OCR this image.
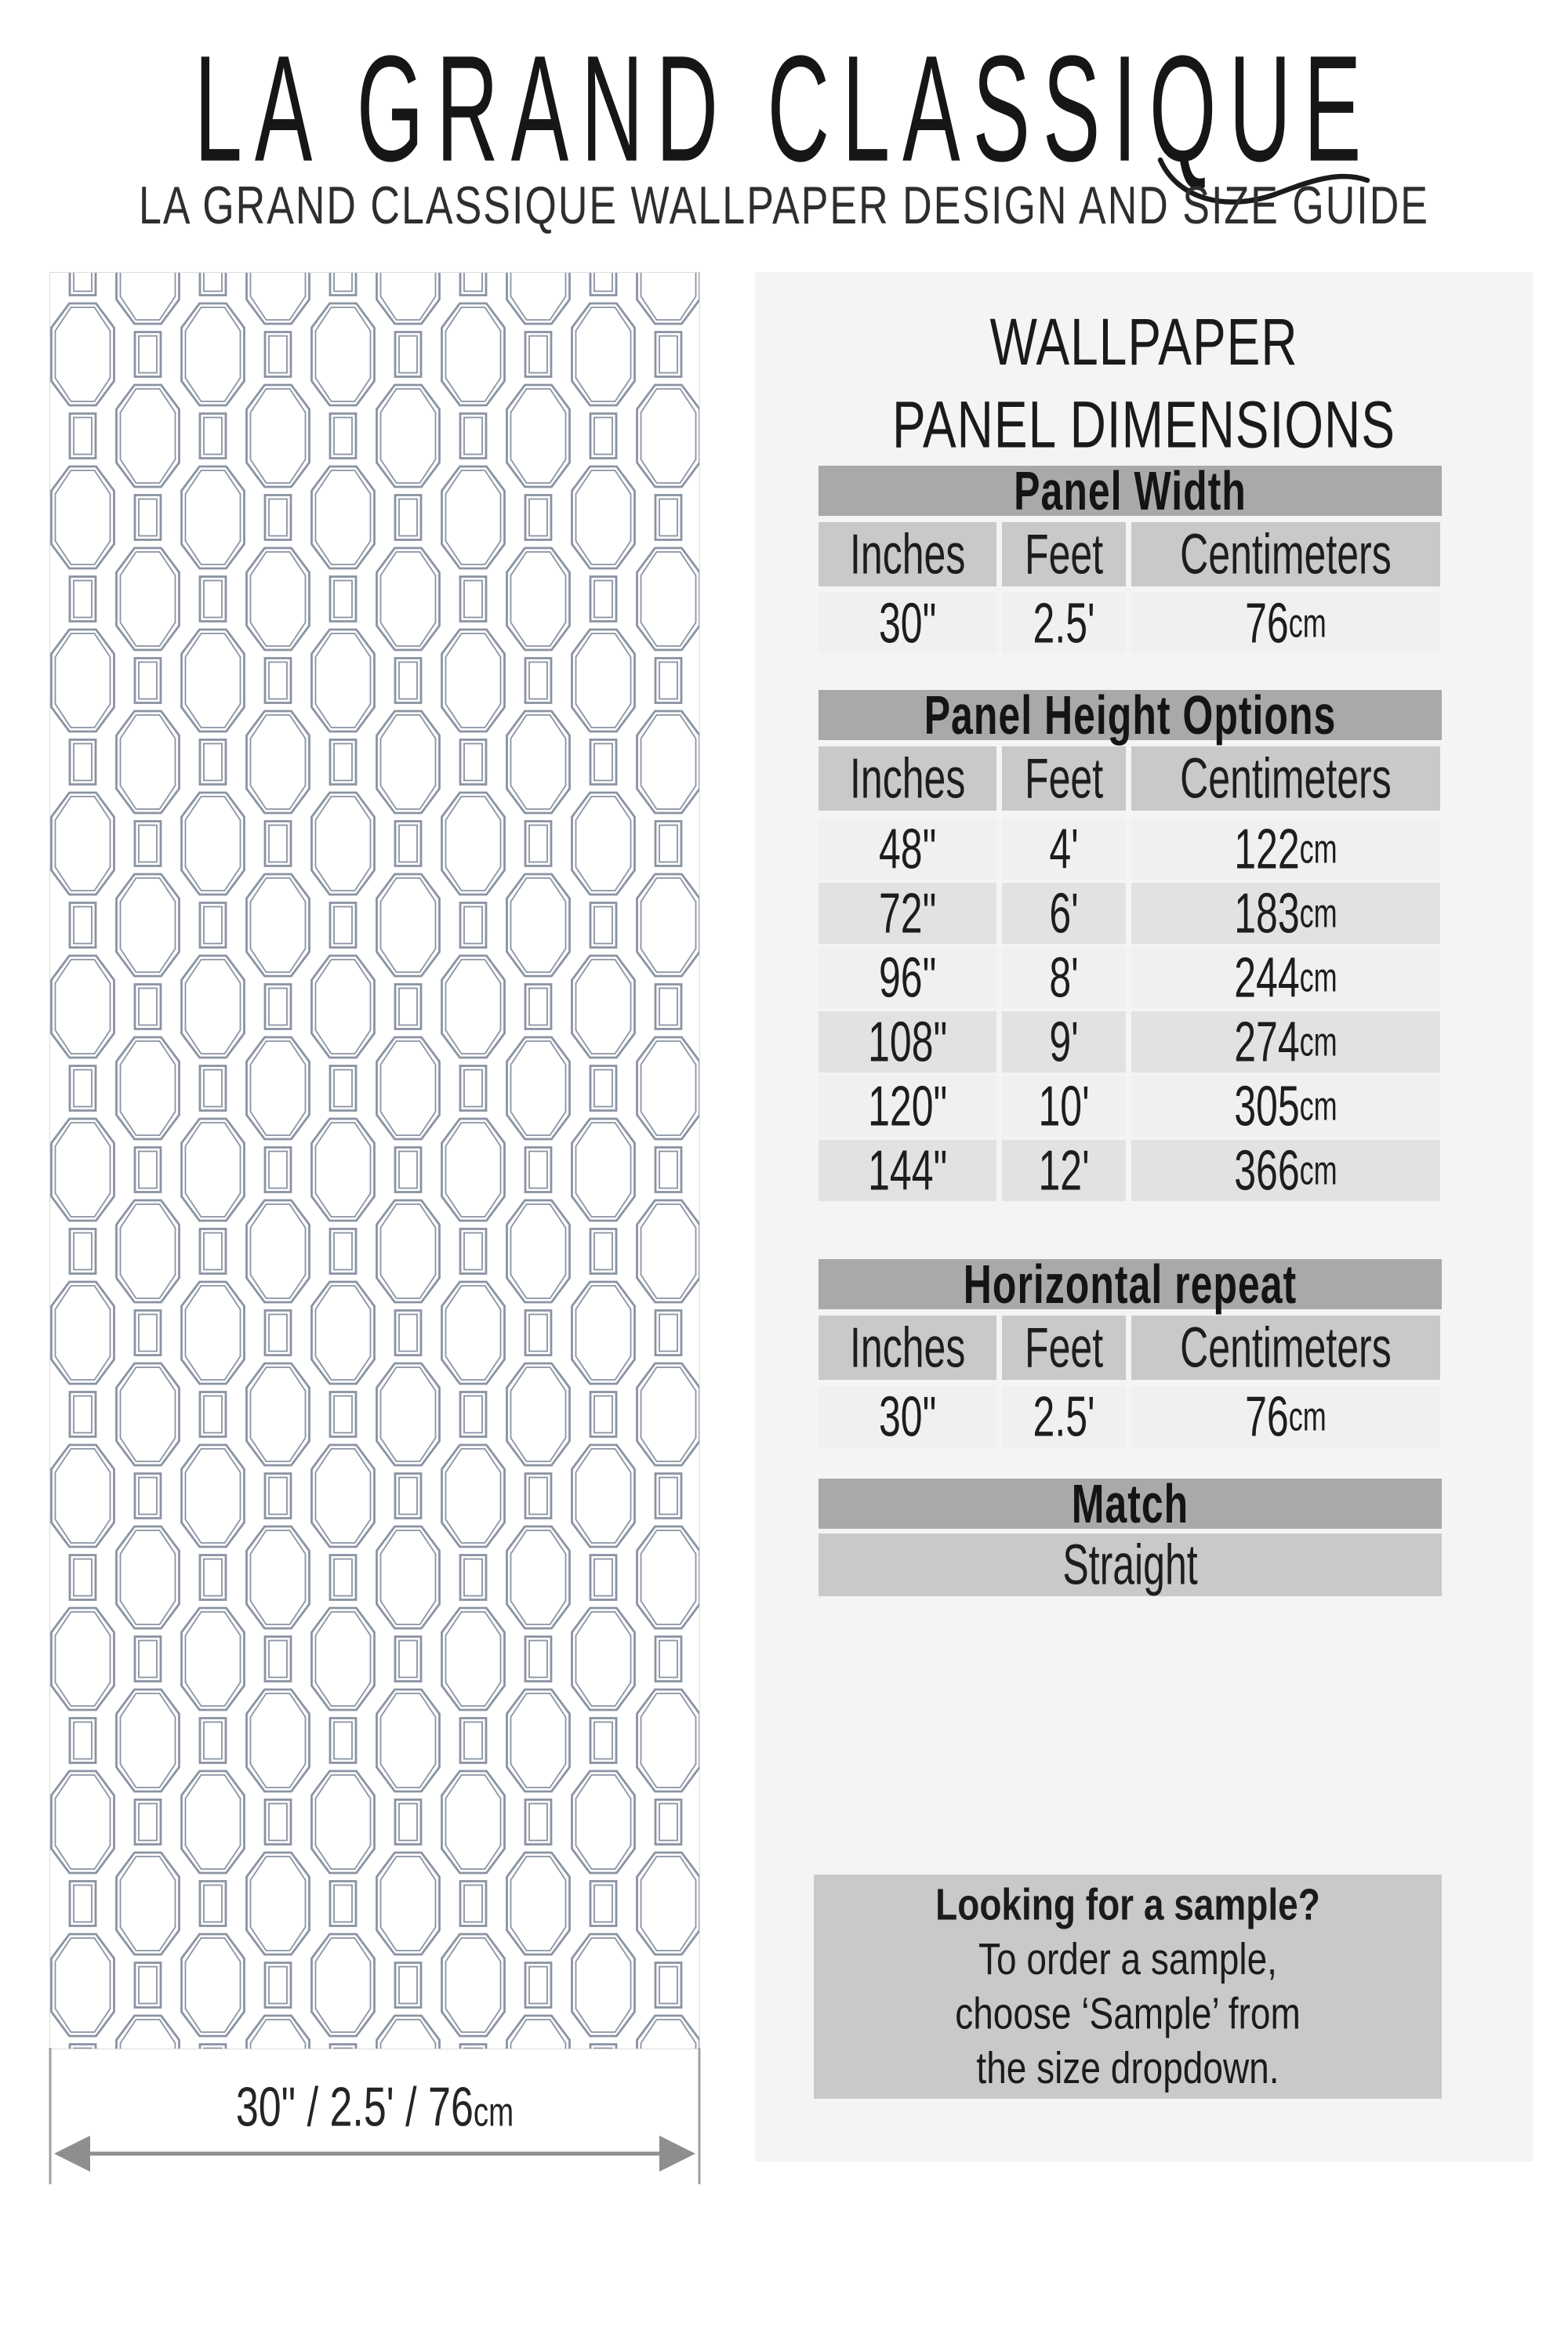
LA GRAND CLASSIQUE
LA GRAND CLASSIQUE WALLPAPER DESIGN AND SIZE GUIDE
30" / 2.5' / 76cm
WALLPAPER
PANEL DIMENSIONS
Panel Width
Inches Feet Centimeters
30" 2.5'	76 cm
Panel Height Options
Inches Feet Centimeters
48"	4'	122 cm
72"	6'	183 cm
96"	8'	244 cm
108"	9'	274 cm
120" 10'	305 cm
144" 12'	366 cm
Horizontal repeat
Inches Feet Centimeters
30" 2.5'	76 cm
Match
Straight
Looking for a sample?
To order a sample,
choose ‘Sample’ from
the size dropdown.
